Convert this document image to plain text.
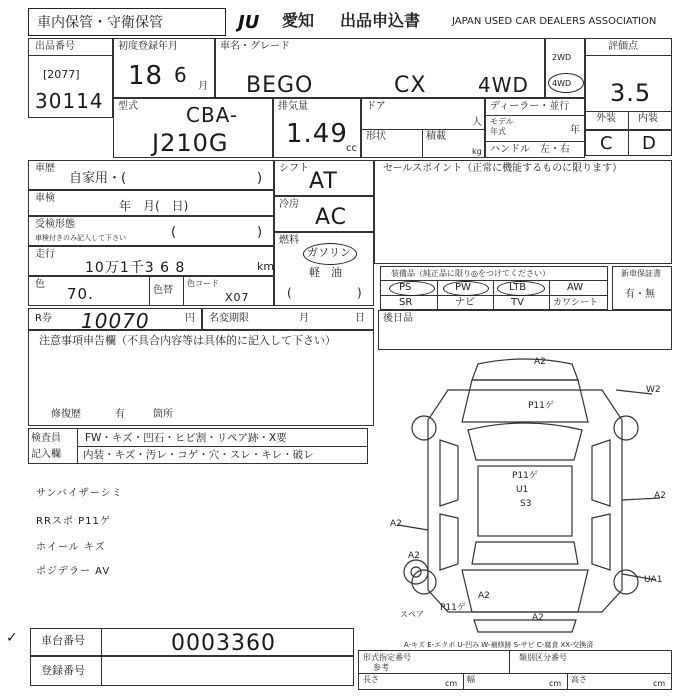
車内保管・守衛保管	JU 愛知 出品申込書	JAPAN USED CAR DEALERS ASSOCIATION
出品番号
[2077]
30114
初度登録年月
18 6 月
車名・グレード
BEGO	CX	4WD
2WD
4WD
評価点
3.5
外装 内装
C D
型式 CBA-
J210G
排気量
1.49
cc
ドア
人
形状	積載
kg
ディーラー・並行
モデル
年式	年
ハンドル 左・右
車歴
自家用・(	)
車検
年　月(　日)
受検形態
車検付きのみ記入して下さい	(	)
走行
10万1千3 6 8	km
色
70.	色替
色コード
X07
シフト
AT
冷房
AC
燃料
ガソリン
軽　油
(	)
セールスポイント（正常に機能するものに限ります）
装備品（純正品に限り◎をつけてください）
PS	PW	LTB	AW
SR	ナビ	TV	カワシート
新車保証書
有・無
R券 10070	円 名変期限	月	日 後日品
注意事項申告欄（不具合内容等は具体的に記入して下さい）
修復歴	有	箇所
検査員
記入欄
FW・キズ・凹石・ヒビ割・リペア跡・X要
内装・キズ・汚レ・コゲ・穴・スレ・キレ・破レ
サンバイザーシミ
RRスポ P11ゲ
ホイール キズ
ポジデラー AV
A2
W2
P11ゲ
P11ゲ
U1
S3
A2
A2
A2
UA1
A2
P11ゲ
A2
スペア
A-キズ E-エクボ U-凹み W-補修跡 S-サビ C-腐食 XX-交換済
✓ 車台番号	0003360
登録番号
形式指定番号
参考
類別区分番号
長さ	cm 幅	cm 高さ	cm
